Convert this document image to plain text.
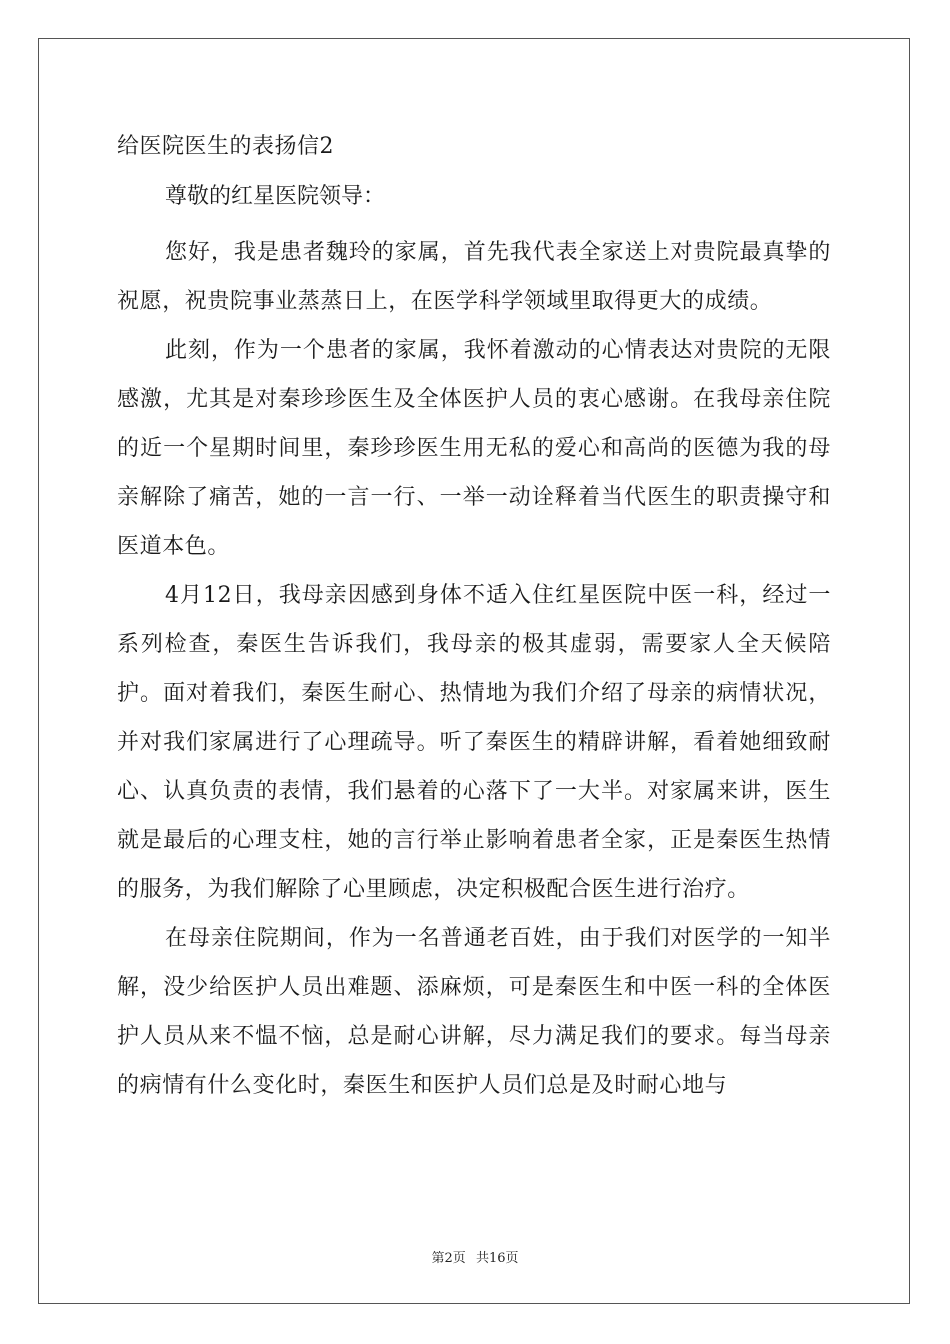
给医院医生的表扬信2

尊敬的红星医院领导：

您好，我是患者魏玲的家属，首先我代表全家送上对贵院最真挚的祝愿，祝贵院事业蒸蒸日上，在医学科学领域里取得更大的成绩。

此刻，作为一个患者的家属，我怀着激动的心情表达对贵院的无限感激，尤其是对秦珍珍医生及全体医护人员的衷心感谢。在我母亲住院的近一个星期时间里，秦珍珍医生用无私的爱心和高尚的医德为我的母亲解除了痛苦，她的一言一行、一举一动诠释着当代医生的职责操守和医道本色。

4月12日，我母亲因感到身体不适入住红星医院中医一科，经过一系列检查，秦医生告诉我们，我母亲的极其虚弱，需要家人全天候陪护。面对着我们，秦医生耐心、热情地为我们介绍了母亲的病情状况，并对我们家属进行了心理疏导。听了秦医生的精辟讲解，看着她细致耐心、认真负责的表情，我们悬着的心落下了一大半。对家属来讲，医生就是最后的心理支柱，她的言行举止影响着患者全家，正是秦医生热情的服务，为我们解除了心里顾虑，决定积极配合医生进行治疗。

在母亲住院期间，作为一名普通老百姓，由于我们对医学的一知半解，没少给医护人员出难题、添麻烦，可是秦医生和中医一科的全体医护人员从来不愠不恼，总是耐心讲解，尽力满足我们的要求。每当母亲的病情有什么变化时，秦医生和医护人员们总是及时耐心地与

第2页 共16页
